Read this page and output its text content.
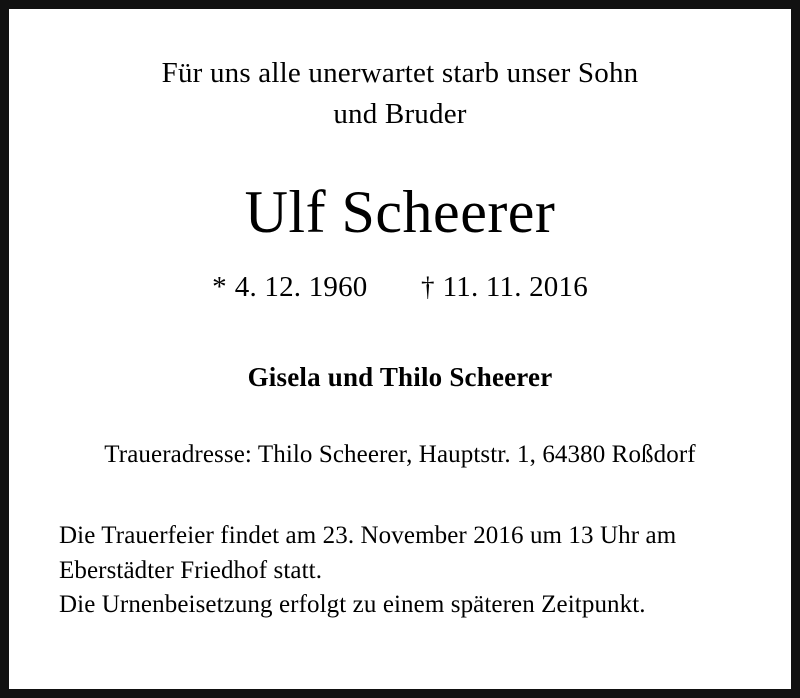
Für uns alle unerwartet starb unser Sohn
und Bruder
Ulf Scheerer
* 4. 12. 1960 † 11. 11. 2016
Gisela und Thilo Scheerer
Traueradresse: Thilo Scheerer, Hauptstr. 1, 64380 Roßdorf
Die Trauerfeier findet am 23. November 2016 um 13 Uhr am
Eberstädter Friedhof statt.
Die Urnenbeisetzung erfolgt zu einem späteren Zeitpunkt.
